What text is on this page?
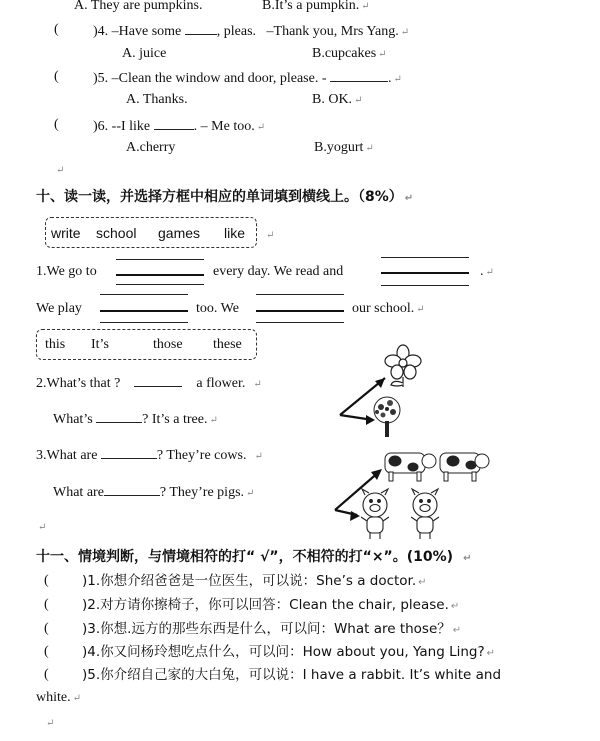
A. They are pumpkins.	B.It’s a pumpkin. ↵
( )4. –Have some	, pleas. –Thank you, Mrs Yang. ↵
A. juice	B.cupcakes ↵
( )5. –Clean the window and door, please. -	. ↵
A. Thanks.	B. OK. ↵
( )6. --I like	. – Me too. ↵
A.cherry	B.yogurt ↵
↵
十、读一读，并选择方框中相应的单词填到横线上。（8%） ↵
write school games like ↵
1.We go to	every day. We read and	. ↵
We play	too. We	our school. ↵
this It’s	those these
2.What’s that ?	a flower. ↵
What’s	? It’s a tree. ↵
3.What are	? They’re cows. ↵
What are	? They’re pigs. ↵
↵
十一、情境判断，与情境相符的打“ √”，不相符的打“×”。(10%) ↵
( )1.你想介绍爸爸是一位医生，可以说：She’s a doctor. ↵
( )2.对方请你擦椅子，你可以回答：Clean the chair, please. ↵
( )3.你想.远方的那些东西是什么，可以问：What are those？ ↵
( )4.你又问杨玲想吃点什么，可以问：How about you, Yang Ling? ↵
( )5.你介绍自己家的大白兔，可以说：I have a rabbit. It’s white and
white. ↵
↵
